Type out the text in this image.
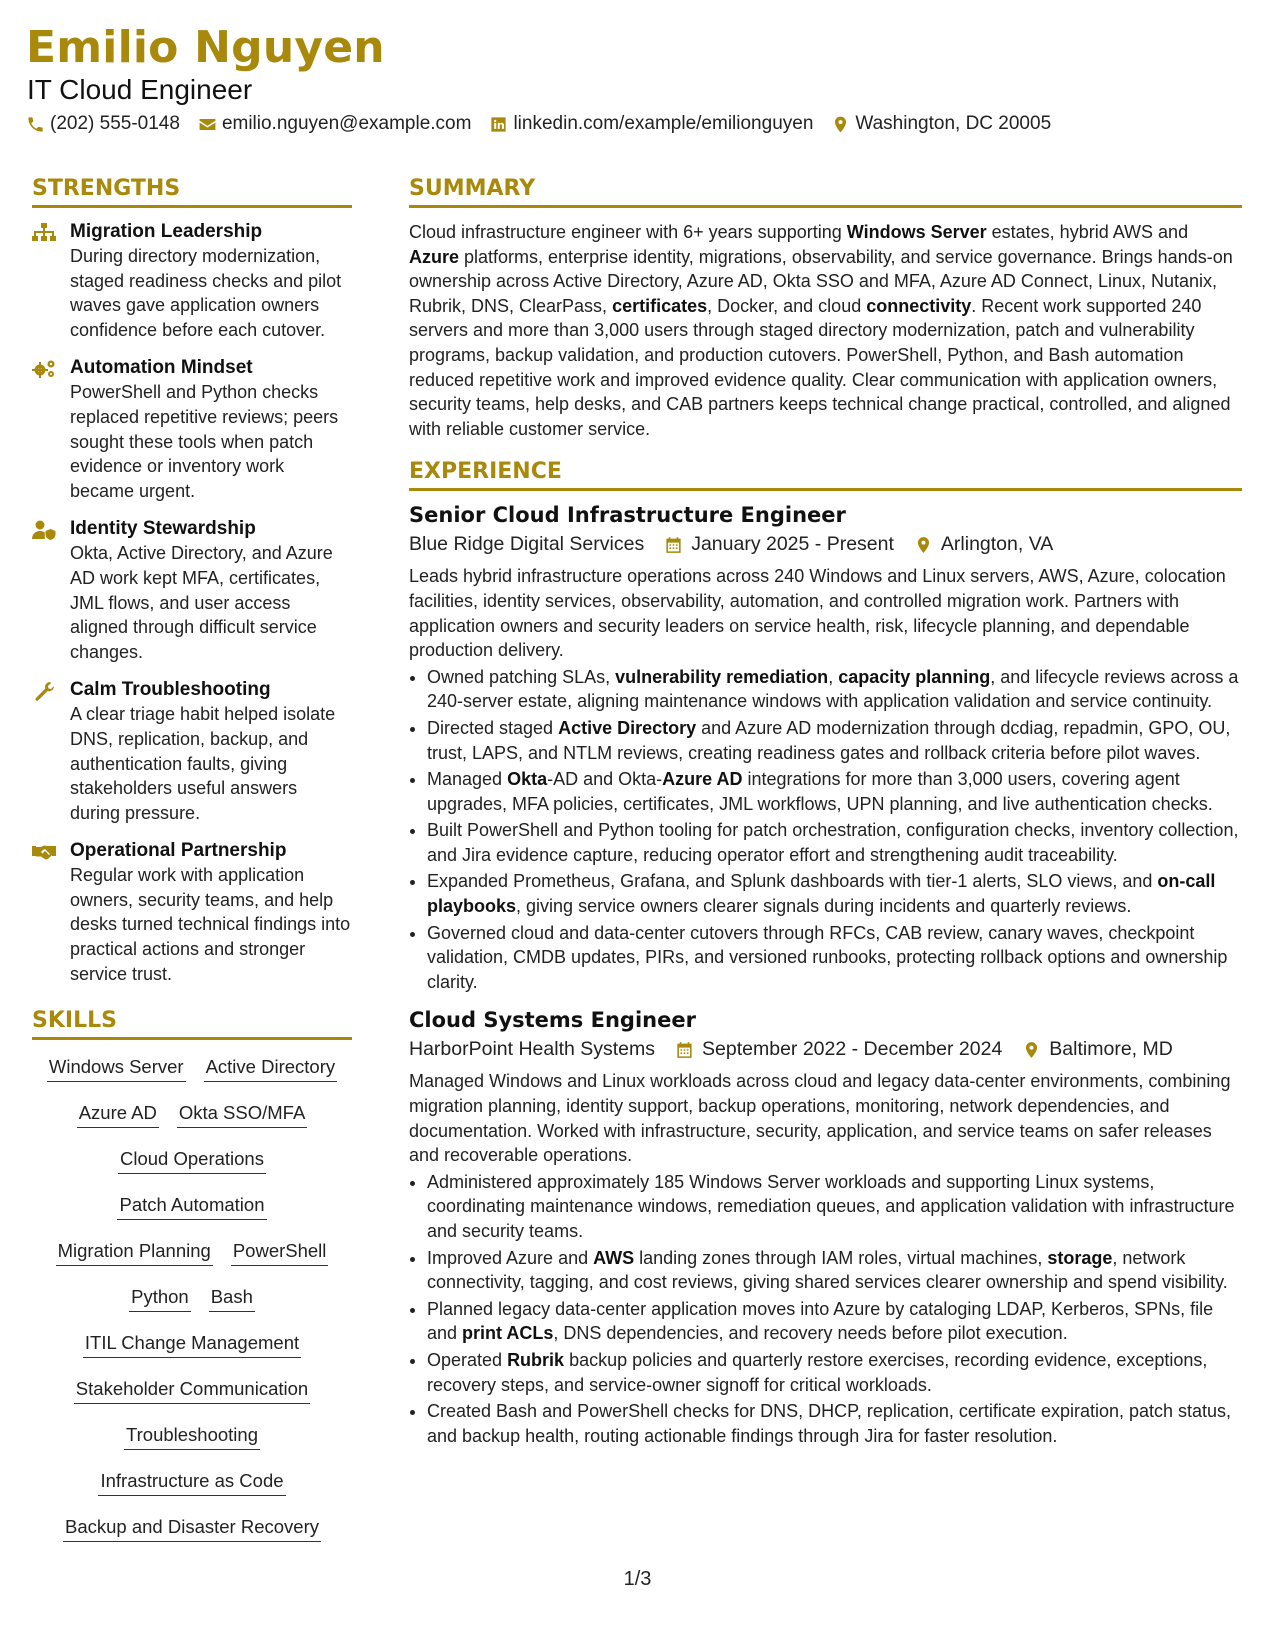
Emilio Nguyen
IT Cloud Engineer
(202) 555-0148 emilio.nguyen@example.com linkedin.com/example/emilionguyen Washington, DC 20005
STRENGTHS
Migration Leadership
During directory modernization, staged readiness checks and pilot waves gave application owners confidence before each cutover.
Automation Mindset
PowerShell and Python checks replaced repetitive reviews; peers sought these tools when patch evidence or inventory work became urgent.
Identity Stewardship
Okta, Active Directory, and Azure AD work kept MFA, certificates, JML flows, and user access aligned through difficult service changes.
Calm Troubleshooting
A clear triage habit helped isolate DNS, replication, backup, and authentication faults, giving stakeholders useful answers during pressure.
Operational Partnership
Regular work with application owners, security teams, and help desks turned technical findings into practical actions and stronger service trust.
SKILLS
Windows Server Active Directory
Azure AD Okta SSO/MFA
Cloud Operations
Patch Automation
Migration Planning PowerShell
Python Bash
ITIL Change Management
Stakeholder Communication
Troubleshooting
Infrastructure as Code
Backup and Disaster Recovery
SUMMARY
Cloud infrastructure engineer with 6+ years supporting Windows Server estates, hybrid AWS and Azure platforms, enterprise identity, migrations, observability, and service governance. Brings hands-on ownership across Active Directory, Azure AD, Okta SSO and MFA, Azure AD Connect, Linux, Nutanix, Rubrik, DNS, ClearPass, certificates, Docker, and cloud connectivity. Recent work supported 240 servers and more than 3,000 users through staged directory modernization, patch and vulnerability programs, backup validation, and production cutovers. PowerShell, Python, and Bash automation reduced repetitive work and improved evidence quality. Clear communication with application owners, security teams, help desks, and CAB partners keeps technical change practical, controlled, and aligned with reliable customer service.
EXPERIENCE
Senior Cloud Infrastructure Engineer
Blue Ridge Digital Services January 2025 - Present Arlington, VA
Leads hybrid infrastructure operations across 240 Windows and Linux servers, AWS, Azure, colocation facilities, identity services, observability, automation, and controlled migration work. Partners with application owners and security leaders on service health, risk, lifecycle planning, and dependable production delivery.
• Owned patching SLAs, vulnerability remediation, capacity planning, and lifecycle reviews across a 240-server estate, aligning maintenance windows with application validation and service continuity.
• Directed staged Active Directory and Azure AD modernization through dcdiag, repadmin, GPO, OU, trust, LAPS, and NTLM reviews, creating readiness gates and rollback criteria before pilot waves.
• Managed Okta-AD and Okta-Azure AD integrations for more than 3,000 users, covering agent upgrades, MFA policies, certificates, JML workflows, UPN planning, and live authentication checks.
• Built PowerShell and Python tooling for patch orchestration, configuration checks, inventory collection, and Jira evidence capture, reducing operator effort and strengthening audit traceability.
• Expanded Prometheus, Grafana, and Splunk dashboards with tier-1 alerts, SLO views, and on-call playbooks, giving service owners clearer signals during incidents and quarterly reviews.
• Governed cloud and data-center cutovers through RFCs, CAB review, canary waves, checkpoint validation, CMDB updates, PIRs, and versioned runbooks, protecting rollback options and ownership clarity.
Cloud Systems Engineer
HarborPoint Health Systems September 2022 - December 2024 Baltimore, MD
Managed Windows and Linux workloads across cloud and legacy data-center environments, combining migration planning, identity support, backup operations, monitoring, network dependencies, and documentation. Worked with infrastructure, security, application, and service teams on safer releases and recoverable operations.
• Administered approximately 185 Windows Server workloads and supporting Linux systems, coordinating maintenance windows, remediation queues, and application validation with infrastructure and security teams.
• Improved Azure and AWS landing zones through IAM roles, virtual machines, storage, network connectivity, tagging, and cost reviews, giving shared services clearer ownership and spend visibility.
• Planned legacy data-center application moves into Azure by cataloging LDAP, Kerberos, SPNs, file and print ACLs, DNS dependencies, and recovery needs before pilot execution.
• Operated Rubrik backup policies and quarterly restore exercises, recording evidence, exceptions, recovery steps, and service-owner signoff for critical workloads.
• Created Bash and PowerShell checks for DNS, DHCP, replication, certificate expiration, patch status, and backup health, routing actionable findings through Jira for faster resolution.
1/3
